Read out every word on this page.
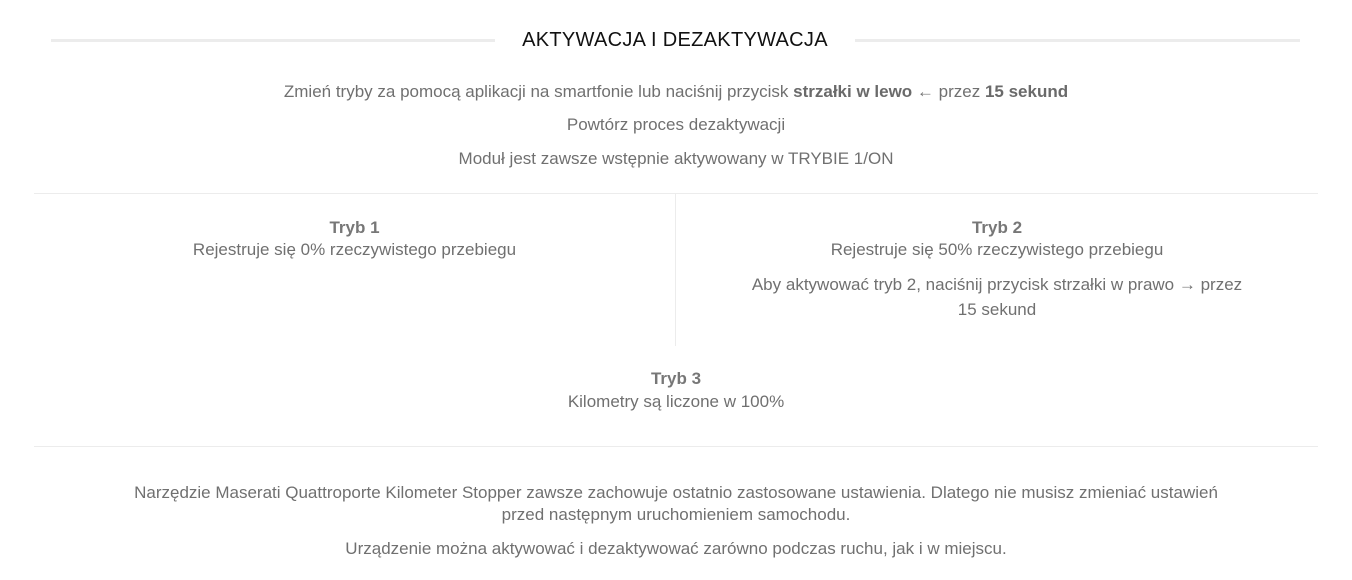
AKTYWACJA I DEZAKTYWACJA
Zmień tryby za pomocą aplikacji na smartfonie lub naciśnij przycisk strzałki w lewo ← przez 15 sekund
Powtórz proces dezaktywacji
Moduł jest zawsze wstępnie aktywowany w TRYBIE 1/ON
Tryb 1
Rejestruje się 0% rzeczywistego przebiegu
Tryb 2
Rejestruje się 50% rzeczywistego przebiegu
Aby aktywować tryb 2, naciśnij przycisk strzałki w prawo → przez
15 sekund
Tryb 3
Kilometry są liczone w 100%
Narzędzie Maserati Quattroporte Kilometer Stopper zawsze zachowuje ostatnio zastosowane ustawienia. Dlatego nie musisz zmieniać ustawień
przed następnym uruchomieniem samochodu.
Urządzenie można aktywować i dezaktywować zarówno podczas ruchu, jak i w miejscu.
